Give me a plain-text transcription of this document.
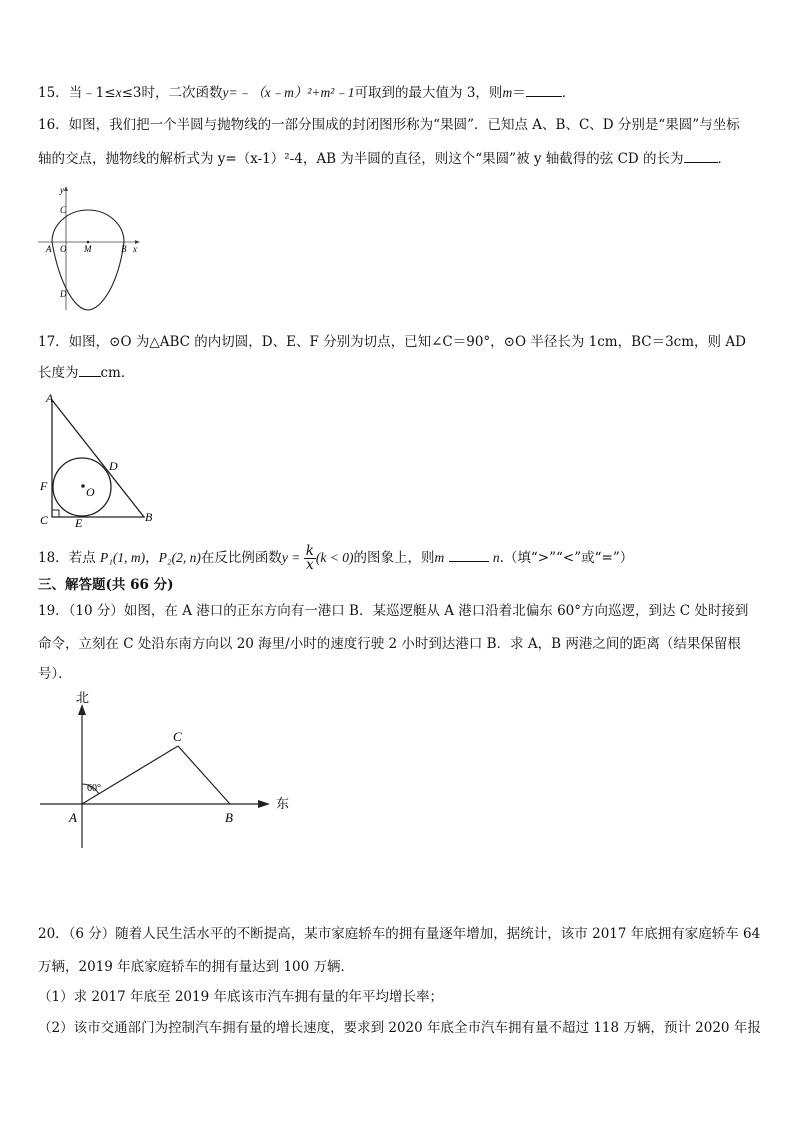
15．当﹣1≤x≤3时，二次函数y=﹣（x﹣m）²+m²﹣1可取到的最大值为 3，则m＝	．
16．如图，我们把一个半圆与抛物线的一部分围成的封闭图形称为“果圆”．已知点 A、B、C、D 分别是“果圆”与坐标
轴的交点，抛物线的解析式为 y=（x-1）²-4，AB 为半圆的直径，则这个“果圆”被 y 轴截得的弦 CD 的长为	．
y
C
A O M	B x
D
17．如图，⊙O 为△ABC 的内切圆，D、E、F 分别为切点，已知∠C＝90°，⊙O 半径长为 1cm，BC＝3cm，则 AD
长度为 cm．
A
D
F	O
C E	B
18．若点 P₁(1, m)，P₂(2, n)在反比例函数$y = \frac{k}{x} (k < 0)$的图象上，则m	n.（填“>”“<”或“=”）
三、解答题(共 66 分)
19．（10 分）如图，在 A 港口的正东方向有一港口 B．某巡逻艇从 A 港口沿着北偏东 60°方向巡逻，到达 C 处时接到
命令，立刻在 C 处沿东南方向以 20 海里/小时的速度行驶 2 小时到达港口 B．求 A，B 两港之间的距离（结果保留根
号）．
北
东
60°
C
A	B
20．（6 分）随着人民生活水平的不断提高，某市家庭轿车的拥有量逐年增加，据统计，该市 2017 年底拥有家庭轿车 64
万辆，2019 年底家庭轿车的拥有量达到 100 万辆．
（1）求 2017 年底至 2019 年底该市汽车拥有量的年平均增长率；
（2）该市交通部门为控制汽车拥有量的增长速度，要求到 2020 年底全市汽车拥有量不超过 118 万辆，预计 2020 年报
